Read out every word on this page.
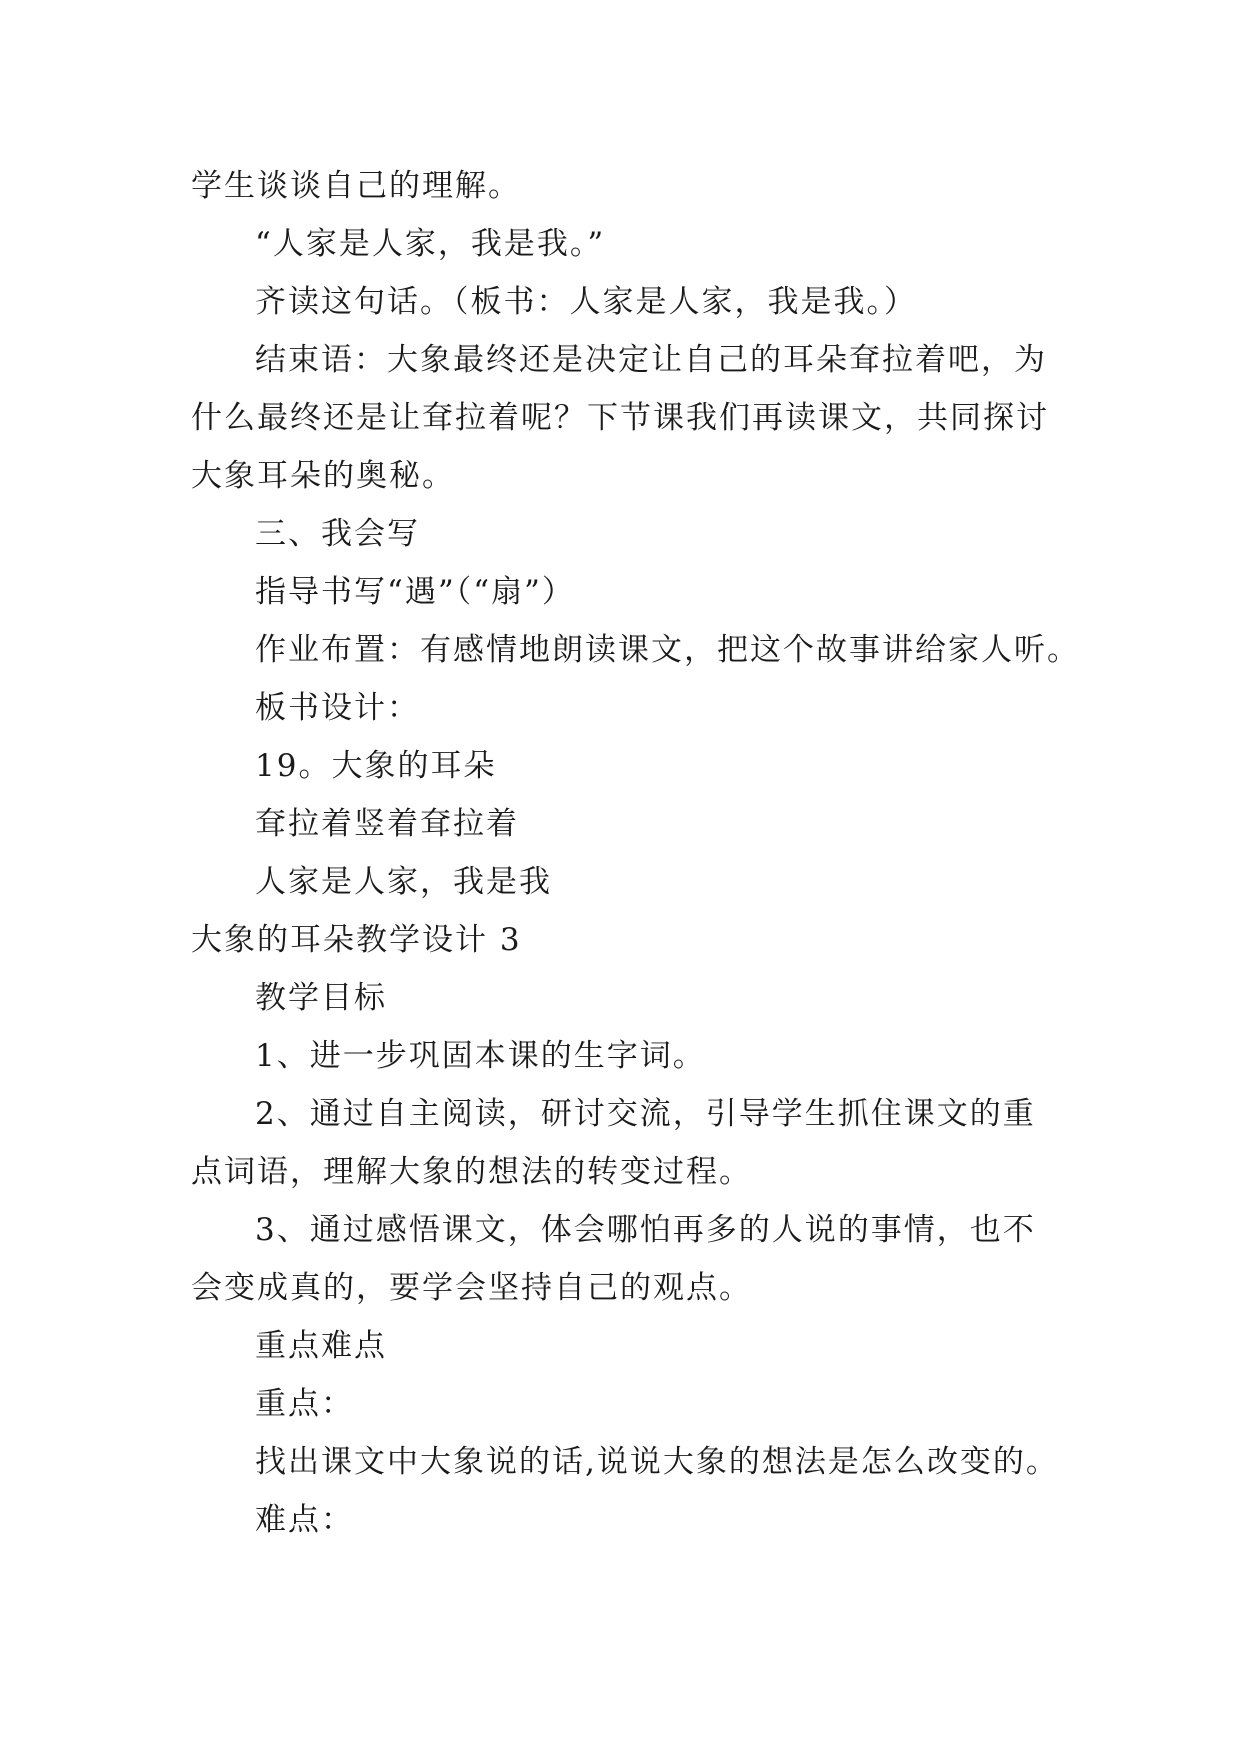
学生谈谈自己的理解。
“人家是人家，我是我。”
齐读这句话。（板书：人家是人家，我是我。）
结束语：大象最终还是决定让自己的耳朵耷拉着吧，为
什么最终还是让耷拉着呢？下节课我们再读课文，共同探讨
大象耳朵的奥秘。
三、我会写
指导书写“遇”（“扇”）
作业布置：有感情地朗读课文，把这个故事讲给家人听。
板书设计：
19。大象的耳朵
耷拉着竖着耷拉着
人家是人家，我是我
大象的耳朵教学设计 3
教学目标
1、进一步巩固本课的生字词。
2、通过自主阅读，研讨交流，引导学生抓住课文的重
点词语，理解大象的想法的转变过程。
3、通过感悟课文，体会哪怕再多的人说的事情，也不
会变成真的，要学会坚持自己的观点。
重点难点
重点：
找出课文中大象说的话,说说大象的想法是怎么改变的。
难点：
